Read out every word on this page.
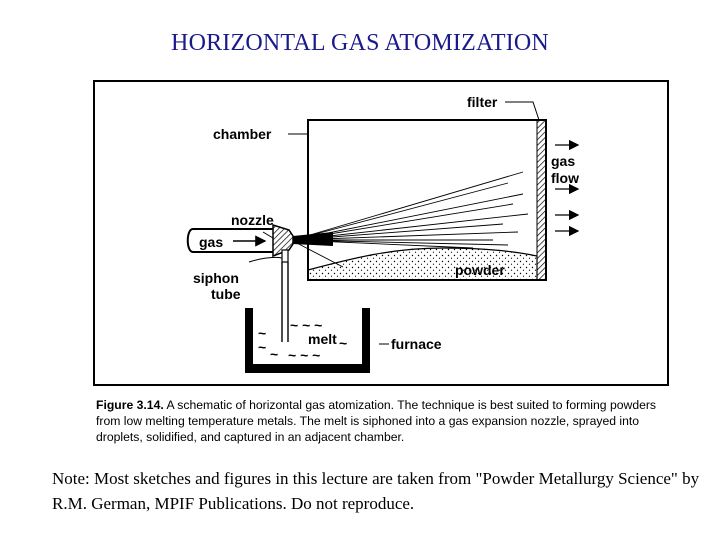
HORIZONTAL GAS ATOMIZATION
~ ~ ~
~
~ ~ ~ ~ ~
~
filter
chamber
gas
flow
nozzle
gas
powder
siphon
tube
melt	furnace
Figure 3.14. A schematic of horizontal gas atomization. The technique is best suited to forming powders from low melting temperature metals. The melt is siphoned into a gas expansion nozzle, sprayed into droplets, solidified, and captured in an adjacent chamber.
Note: Most sketches and figures in this lecture are taken from "Powder Metallurgy Science" by R.M. German, MPIF Publications. Do not reproduce.
